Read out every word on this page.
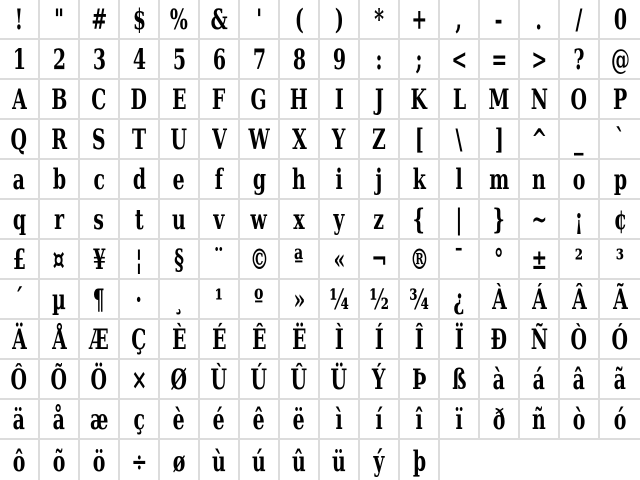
! " # $ % & ' ( ) * + , - . / 0
1 2 3 4 5 6 7 8 9 : ; < = > ? @
A B C D E F G H I J K L M N O P
Q R S T U V W X Y Z [ \ ] ^ _ `
a b c d e f g h i j k l m n o p
q r s t u v w x y z { | } ~ ¡ ¢
£ ¤ ¥ ¦ § ¨ © ª « ¬ ® ¯ ° ± ² ³
´ µ ¶ · ¸ ¹ º » ¼ ½ ¾ ¿ À Á Â Ã
Ä Å Æ Ç È É Ê Ë Ì Í Î Ï Ð Ñ Ò Ó
Ô Õ Ö × Ø Ù Ú Û Ü Ý Þ ß à á â ã
ä å æ ç è é ê ë ì í î ï ð ñ ò ó
ô õ ö ÷ ø ù ú û ü ý þ
